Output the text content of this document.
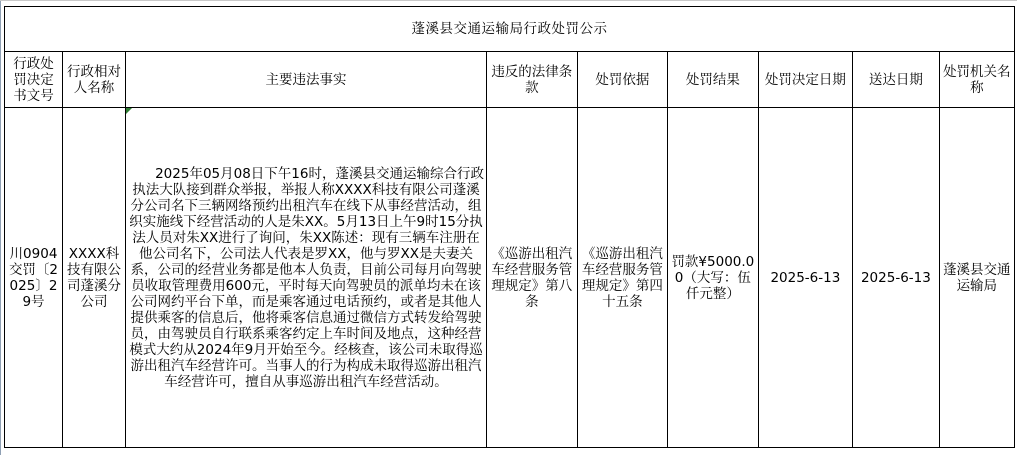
蓬溪县交通运输局行政处罚公示								
行政处罚决定书文号	行政相对人名称	主要违法事实	违反的法律条款	处罚依据	处罚结果	处罚决定日期	送达日期	处罚机关名称
川0904交罚〔2025〕29号	XXXX科技有限公司蓬溪分公司	2025年05月08日下午16时，蓬溪县交通运输综合行政执法大队接到群众举报，举报人称XXXX科技有限公司蓬溪分公司名下三辆网络预约出租汽车在线下从事经营活动，组织实施线下经营活动的人是朱XX。5月13日上午9时15分执法人员对朱XX进行了询问，朱XX陈述：现有三辆车注册在他公司名下，公司法人代表是罗XX，他与罗XX是夫妻关系，公司的经营业务都是他本人负责，目前公司每月向驾驶员收取管理费用600元，平时每天向驾驶员的派单均未在该公司网约平台下单，而是乘客通过电话预约，或者是其他人提供乘客的信息后，他将乘客信息通过微信方式转发给驾驶员，由驾驶员自行联系乘客约定上车时间及地点，这种经营模式大约从2024年9月开始至今。经核查，该公司未取得巡游出租汽车经营许可。当事人的行为构成未取得巡游出租汽车经营许可，擅自从事巡游出租汽车经营活动。	《巡游出租汽车经营服务管理规定》第八条	《巡游出租汽车经营服务管理规定》第四十五条	罚款¥5000.00（大写：伍仟元整）	2025-6-13	2025-6-13	蓬溪县交通运输局
